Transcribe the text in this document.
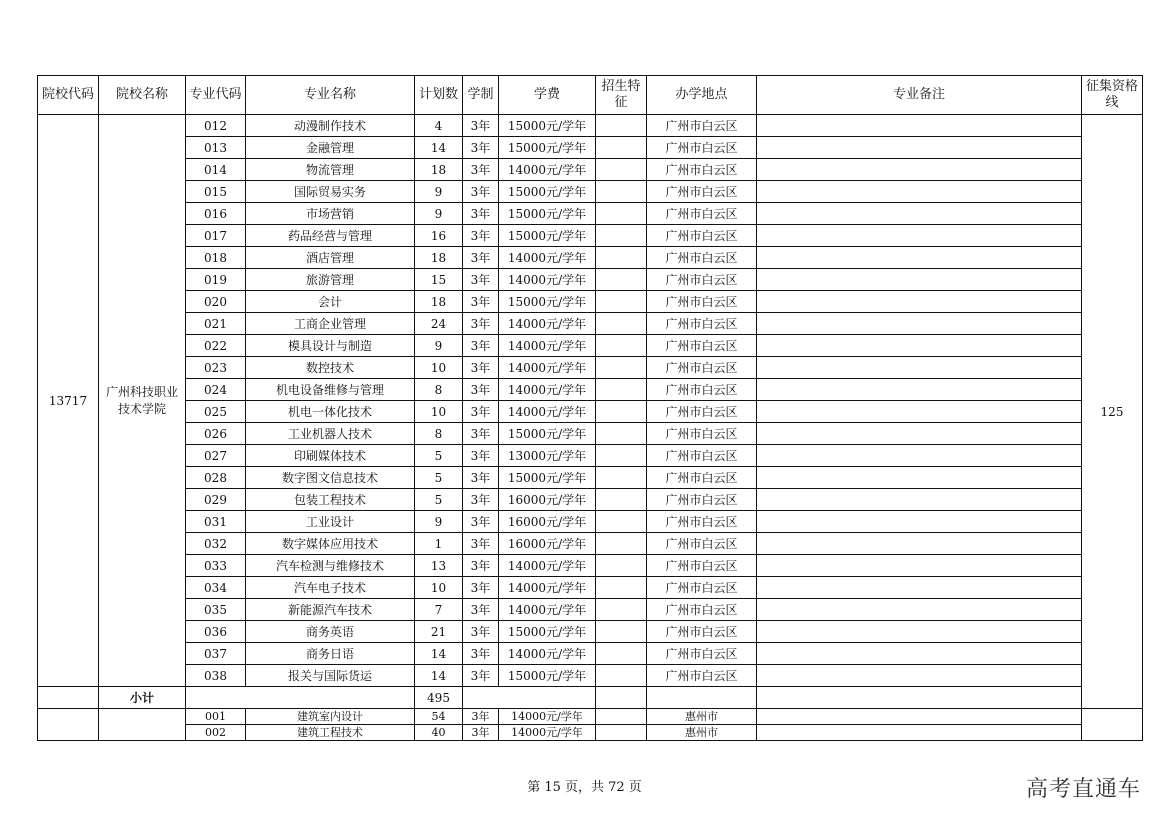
院校代码	院校名称	专业代码	专业名称	计划数	学制	学费	招生特征	办学地点	专业备注	征集资格线
13717	广州科技职业技术学院	012	动漫制作技术	4	3年	15000元/学年		广州市白云区		125
		013	金融管理	14	3年	15000元/学年		广州市白云区		
		014	物流管理	18	3年	14000元/学年		广州市白云区		
		015	国际贸易实务	9	3年	15000元/学年		广州市白云区		
		016	市场营销	9	3年	15000元/学年		广州市白云区		
		017	药品经营与管理	16	3年	15000元/学年		广州市白云区		
		018	酒店管理	18	3年	14000元/学年		广州市白云区		
		019	旅游管理	15	3年	14000元/学年		广州市白云区		
		020	会计	18	3年	15000元/学年		广州市白云区		
		021	工商企业管理	24	3年	14000元/学年		广州市白云区		
		022	模具设计与制造	9	3年	14000元/学年		广州市白云区		
		023	数控技术	10	3年	14000元/学年		广州市白云区		
		024	机电设备维修与管理	8	3年	14000元/学年		广州市白云区		
		025	机电一体化技术	10	3年	14000元/学年		广州市白云区		
		026	工业机器人技术	8	3年	15000元/学年		广州市白云区		
		027	印刷媒体技术	5	3年	13000元/学年		广州市白云区		
		028	数字图文信息技术	5	3年	15000元/学年		广州市白云区		
		029	包装工程技术	5	3年	16000元/学年		广州市白云区		
		031	工业设计	9	3年	16000元/学年		广州市白云区		
		032	数字媒体应用技术	1	3年	16000元/学年		广州市白云区		
		033	汽车检测与维修技术	13	3年	14000元/学年		广州市白云区		
		034	汽车电子技术	10	3年	14000元/学年		广州市白云区		
		035	新能源汽车技术	7	3年	14000元/学年		广州市白云区		
		036	商务英语	21	3年	15000元/学年		广州市白云区		
		037	商务日语	14	3年	14000元/学年		广州市白云区		
		038	报关与国际货运	14	3年	15000元/学年		广州市白云区		
	小计			495						
		001	建筑室内设计	54	3年	14000元/学年		惠州市		
		002	建筑工程技术	40	3年	14000元/学年		惠州市		
第 15 页，共 72 页	高考直通车
